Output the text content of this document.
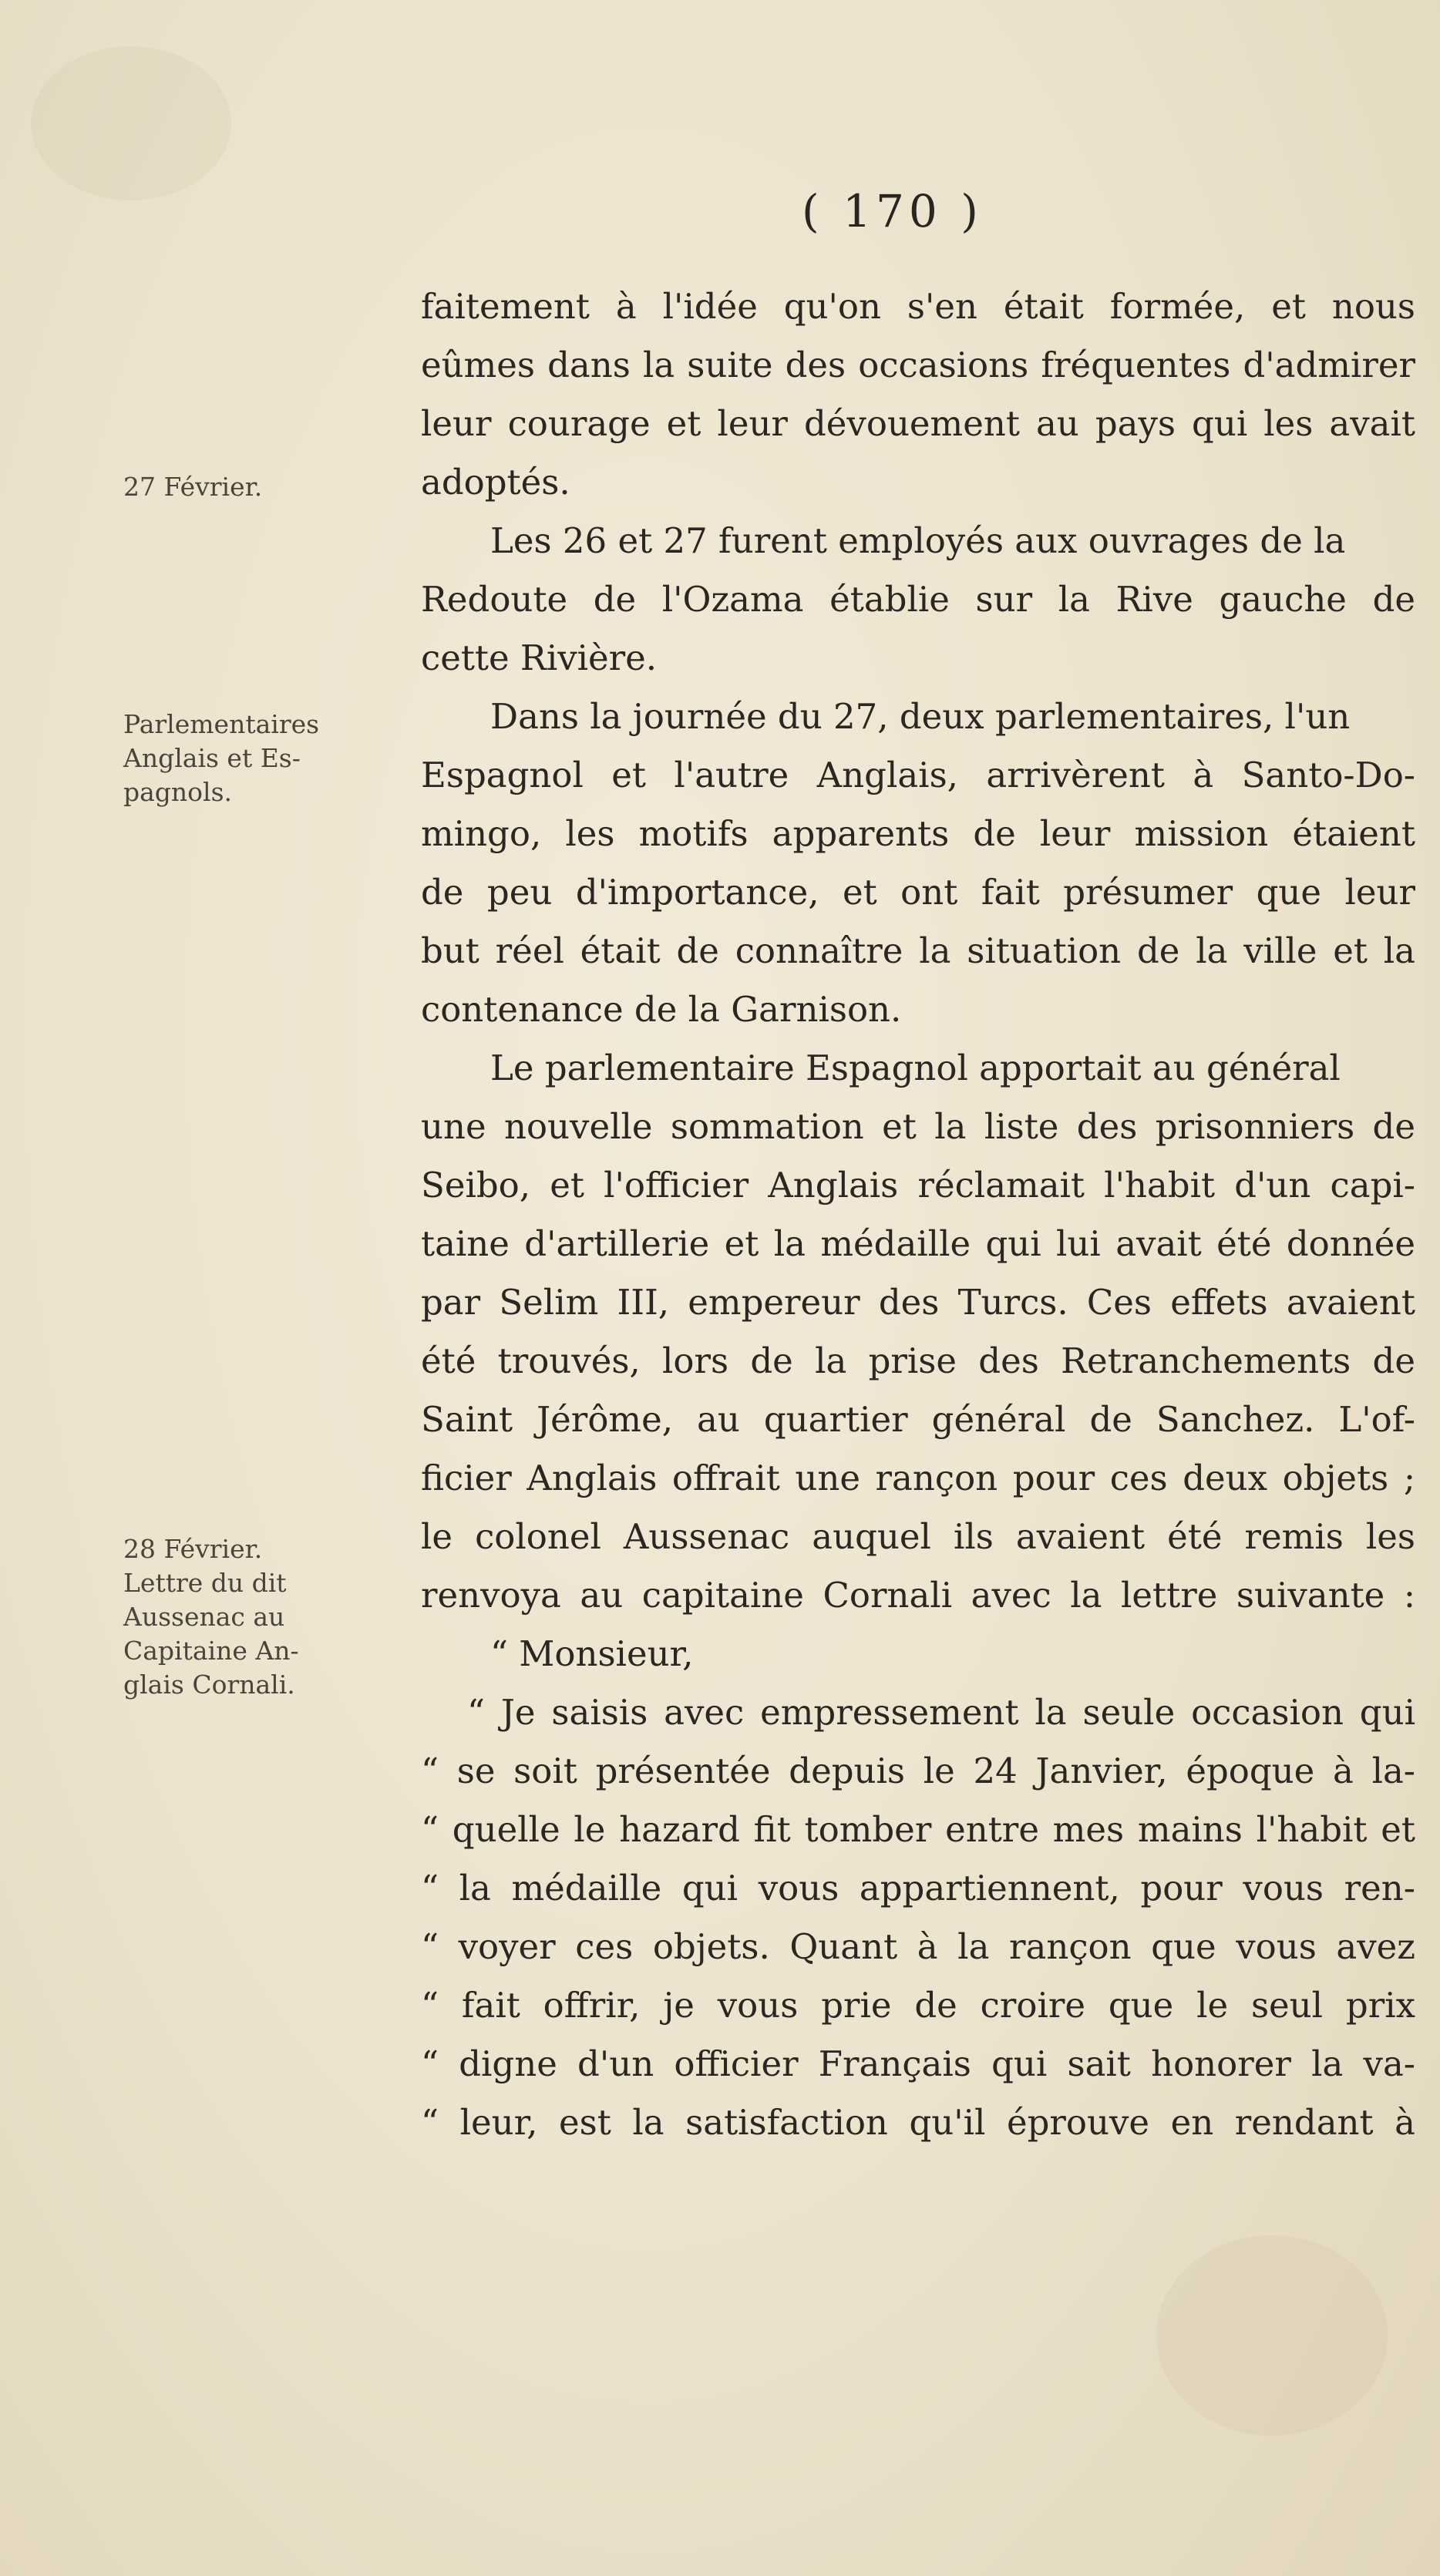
( 170 )
27 Février.
Parlementaires
Anglais et Es-
pagnols.
28 Février.
Lettre du dit
Aussenac au
Capitaine An-
glais Cornali.
faitement à l'idée qu'on s'en était formée, et nous
eûmes dans la suite des occasions fréquentes d'admirer
leur courage et leur dévouement au pays qui les avait
adoptés.
Les 26 et 27 furent employés aux ouvrages de la
Redoute de l'Ozama établie sur la Rive gauche de
cette Rivière.
Dans la journée du 27, deux parlementaires, l'un
Espagnol et l'autre Anglais, arrivèrent à Santo-Do-
mingo, les motifs apparents de leur mission étaient
de peu d'importance, et ont fait présumer que leur
but réel était de connaître la situation de la ville et la
contenance de la Garnison.
Le parlementaire Espagnol apportait au général
une nouvelle sommation et la liste des prisonniers de
Seibo, et l'officier Anglais réclamait l'habit d'un capi-
taine d'artillerie et la médaille qui lui avait été donnée
par Selim III, empereur des Turcs. Ces effets avaient
été trouvés, lors de la prise des Retranchements de
Saint Jérôme, au quartier général de Sanchez. L'of-
ficier Anglais offrait une rançon pour ces deux objets ;
le colonel Aussenac auquel ils avaient été remis les
renvoya au capitaine Cornali avec la lettre suivante :
“ Monsieur,
“ Je saisis avec empressement la seule occasion qui
“ se soit présentée depuis le 24 Janvier, époque à la-
“ quelle le hazard fit tomber entre mes mains l'habit et
“ la médaille qui vous appartiennent, pour vous ren-
“ voyer ces objets. Quant à la rançon que vous avez
“ fait offrir, je vous prie de croire que le seul prix
“ digne d'un officier Français qui sait honorer la va-
“ leur, est la satisfaction qu'il éprouve en rendant à
